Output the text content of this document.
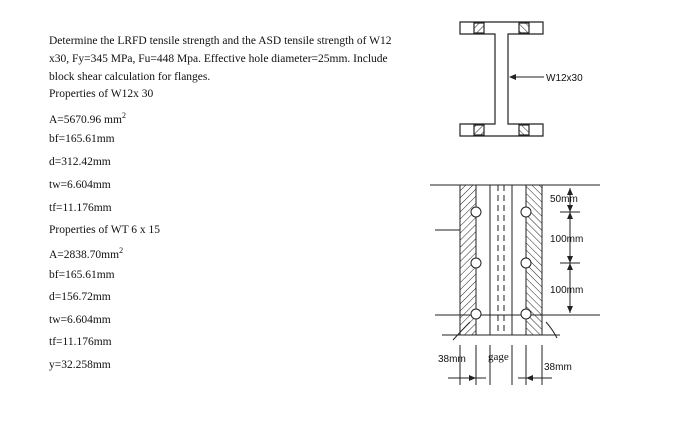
Determine the LRFD tensile strength and the ASD tensile strength of W12 x30, Fy=345 MPa, Fu=448 Mpa. Effective hole diameter=25mm. Include block shear calculation for flanges.
Properties of W12x 30
A=5670.96 $mm^2$
bf=165.61mm
d=312.42mm
tw=6.604mm
tf=11.176mm
Properties of WT 6 x 15
$A=2838.70mm^2$
bf=165.61mm
d=156.72mm
tw=6.604mm
tf=11.176mm
y=32.258mm
W12x30
50mm
100mm
100mm
38mm gage
38mm
